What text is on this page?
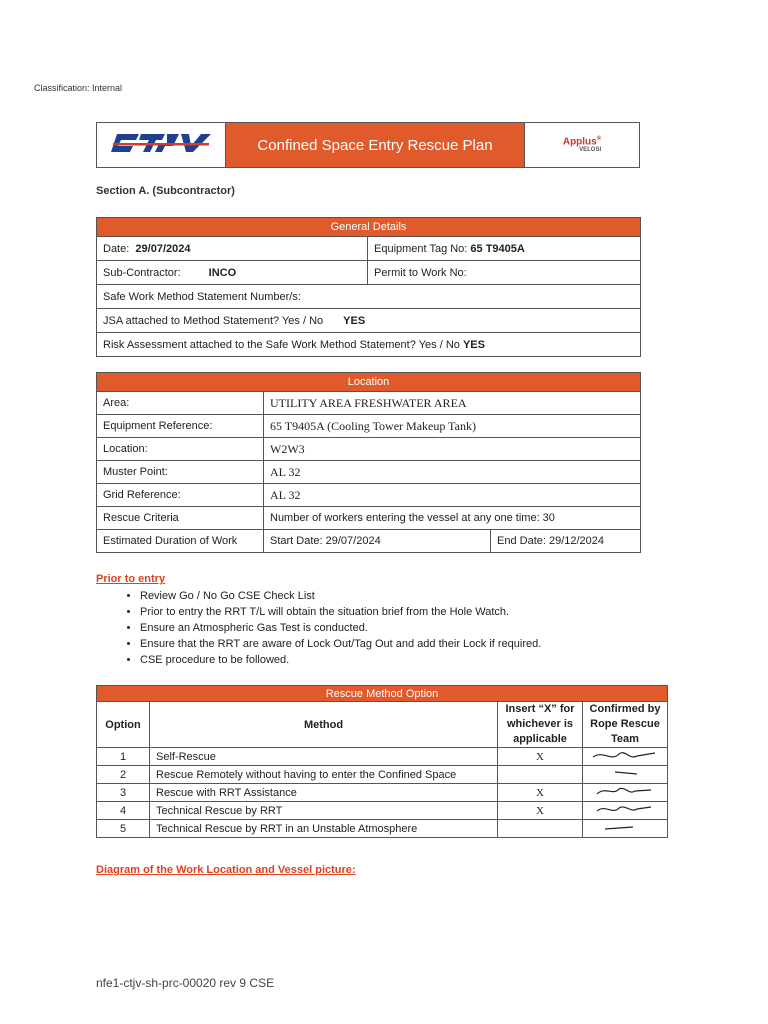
Classification: Internal
Confined Space Entry Rescue Plan	Applus®
VELOSI
Section A. (Subcontractor)
General Details	
Date: 29/07/2024	Equipment Tag No: 65 T9405A
Sub-Contractor: INCO	Permit to Work No:
Safe Work Method Statement Number/s:	
JSA attached to Method Statement? Yes / No YES	
Risk Assessment attached to the Safe Work Method Statement? Yes / No YES	
Location		
Area:	UTILITY AREA FRESHWATER AREA	
Equipment Reference:	65 T9405A (Cooling Tower Makeup Tank)	
Location:	W2W3	
Muster Point:	AL 32	
Grid Reference:	AL 32	
Rescue Criteria	Number of workers entering the vessel at any one time: 30	
Estimated Duration of Work	Start Date: 29/07/2024	End Date: 29/12/2024
Prior to entry
• Review Go / No Go CSE Check List
• Prior to entry the RRT T/L will obtain the situation brief from the Hole Watch.
• Ensure an Atmospheric Gas Test is conducted.
• Ensure that the RRT are aware of Lock Out/Tag Out and add their Lock if required.
• CSE procedure to be followed.
Rescue Method Option			
Option	Method	Insert “X” for whichever is applicable	Confirmed by Rope Rescue Team
1	Self-Rescue	X	
2	Rescue Remotely without having to enter the Confined Space		
3	Rescue with RRT Assistance	X	
4	Technical Rescue by RRT	X	
5	Technical Rescue by RRT in an Unstable Atmosphere		
Diagram of the Work Location and Vessel picture:
nfe1-ctjv-sh-prc-00020 rev 9 CSE
